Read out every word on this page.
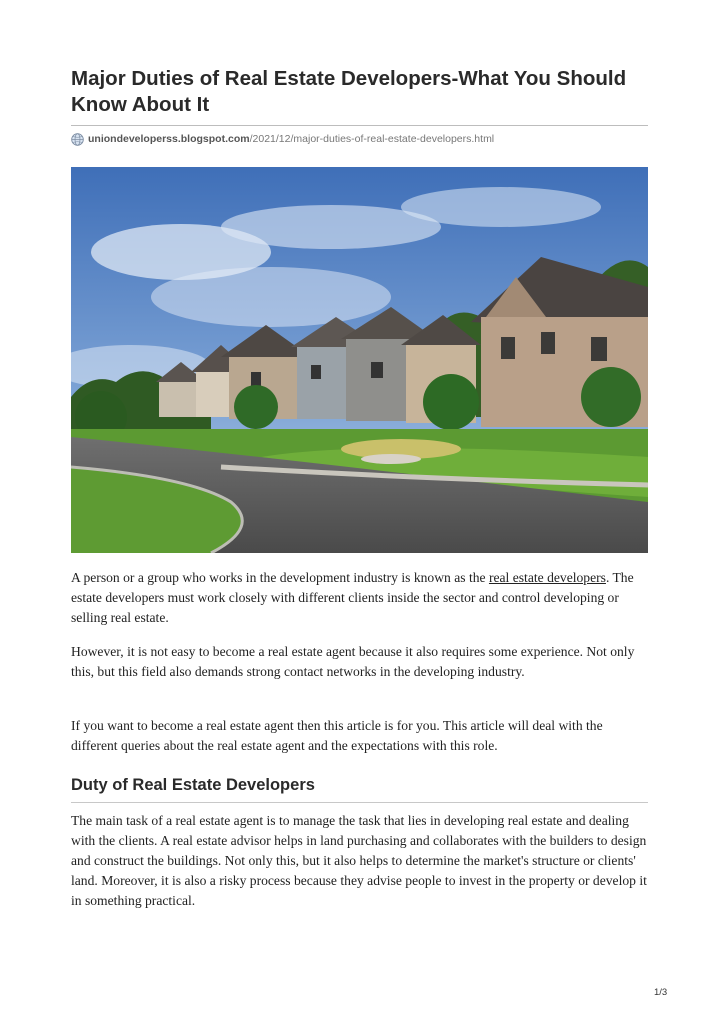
Major Duties of Real Estate Developers-What You Should Know About It
uniondeveloperss.blogspot.com /2021/12/major-duties-of-real-estate-developers.html

A person or a group who works in the development industry is known as the real estate developers. The estate developers must work closely with different clients inside the sector and control developing or selling real estate.

However, it is not easy to become a real estate agent because it also requires some experience. Not only this, but this field also demands strong contact networks in the developing industry.

If you want to become a real estate agent then this article is for you. This article will deal with the different queries about the real estate agent and the expectations with this role.

Duty of Real Estate Developers

The main task of a real estate agent is to manage the task that lies in developing real estate and dealing with the clients. A real estate advisor helps in land purchasing and collaborates with the builders to design and construct the buildings. Not only this, but it also helps to determine the market's structure or clients' land. Moreover, it is also a risky process because they advise people to invest in the property or develop it in something practical.

1/3
